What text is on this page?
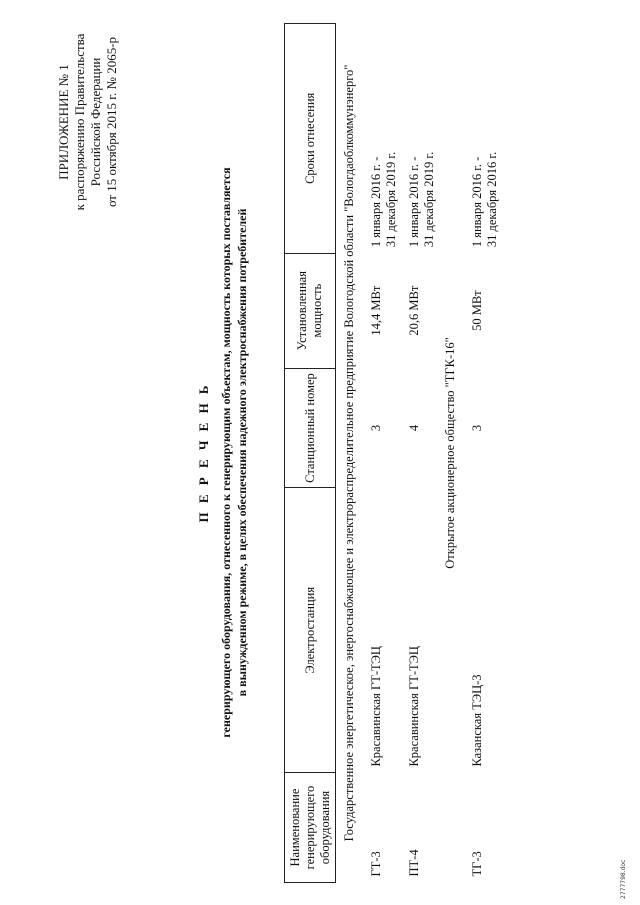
ПРИЛОЖЕНИЕ № 1 к распоряжению Правительства Российской Федерации от 15 октября 2015 г. № 2065-р
П Е Р Е Ч Е Н Ь генерирующего оборудования, отнесенного к генерирующим объектам, мощность которых поставляется в вынужденном режиме, в целях обеспечения надежного электроснабжения потребителей
Наименование генерирующего оборудования	Электростанция	Станционный номер	Установленная мощность	Сроки отнесения
Государственное энергетическое, энергоснабжающее и электрораспределительное предприятие Вологодской области "Вологдаоблкоммунэнерго"				
ГТ-3	Красавинская ГТ-ТЭЦ	3	14,4 МВт	1 января 2016 г. - 31 декабря 2019 г.

ПТ-4	Красавинская ГТ-ТЭЦ	4	20,6 МВт	1 января 2016 г. - 31 декабря 2019 г.

Открытое акционерное общество "ТГК-16"				
ТГ-3	Казанская ТЭЦ-3	3	50 МВт	1 января 2016 г. - 31 декабря 2016 г.
2777798.doc
